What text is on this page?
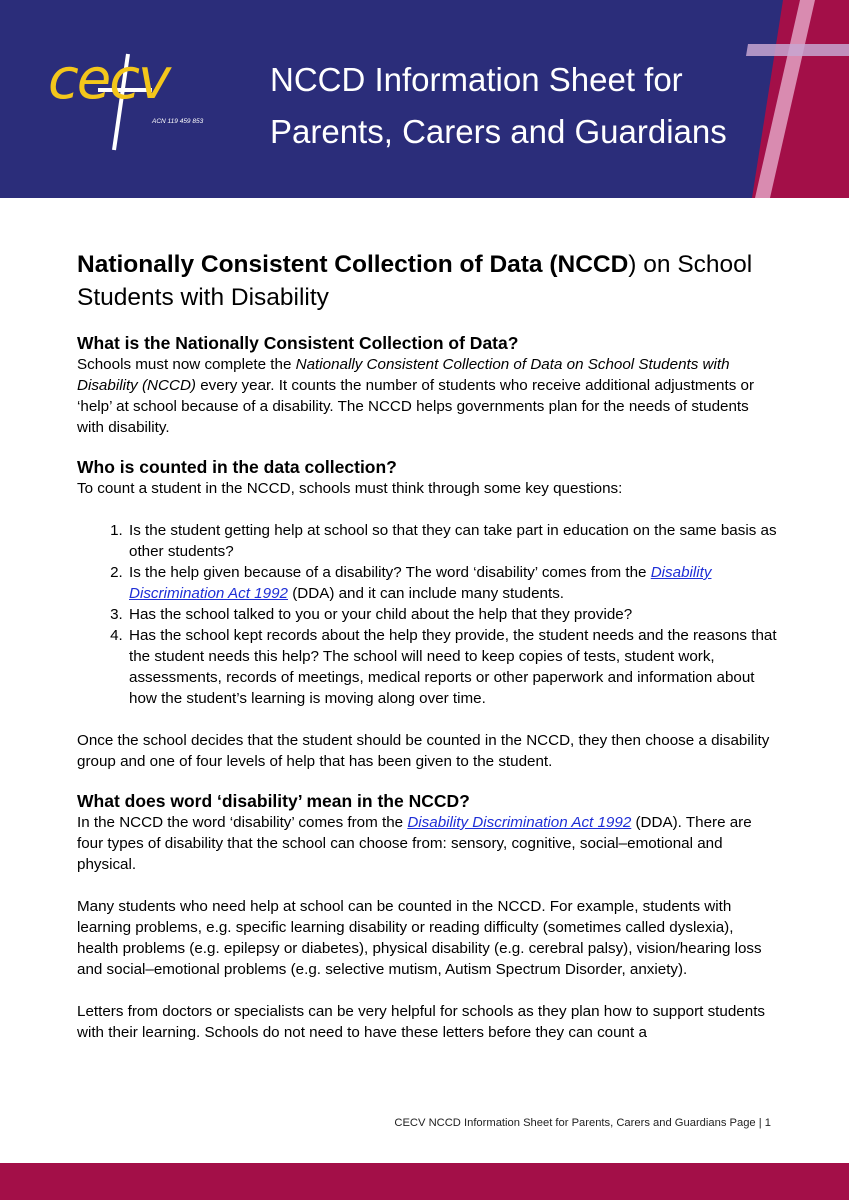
cecv
ACN 119 459 853
NCCD Information Sheet for
Parents, Carers and Guardians
Nationally Consistent Collection of Data (NCCD) on School Students with Disability
What is the Nationally Consistent Collection of Data?

Schools must now complete the Nationally Consistent Collection of Data on School Students with Disability (NCCD) every year. It counts the number of students who receive additional adjustments or ‘help’ at school because of a disability. The NCCD helps governments plan for the needs of students with disability.

Who is counted in the data collection?

To count a student in the NCCD, schools must think through some key questions:

1. Is the student getting help at school so that they can take part in education on the same basis as other students?
2. Is the help given because of a disability? The word ‘disability’ comes from the Disability Discrimination Act 1992 (DDA) and it can include many students.
3. Has the school talked to you or your child about the help that they provide?
4. Has the school kept records about the help they provide, the student needs and the reasons that the student needs this help? The school will need to keep copies of tests, student work, assessments, records of meetings, medical reports or other paperwork and information about how the student’s learning is moving along over time.

Once the school decides that the student should be counted in the NCCD, they then choose a disability group and one of four levels of help that has been given to the student.

What does word ‘disability’ mean in the NCCD?

In the NCCD the word ‘disability’ comes from the Disability Discrimination Act 1992 (DDA). There are four types of disability that the school can choose from: sensory, cognitive, social–emotional and physical.

Many students who need help at school can be counted in the NCCD. For example, students with learning problems, e.g. specific learning disability or reading difficulty (sometimes called dyslexia), health problems (e.g. epilepsy or diabetes), physical disability (e.g. cerebral palsy), vision/hearing loss and social–emotional problems (e.g. selective mutism, Autism Spectrum Disorder, anxiety).

Letters from doctors or specialists can be very helpful for schools as they plan how to support students with their learning. Schools do not need to have these letters before they can count a

CECV NCCD Information Sheet for Parents, Carers and Guardians Page | 1
